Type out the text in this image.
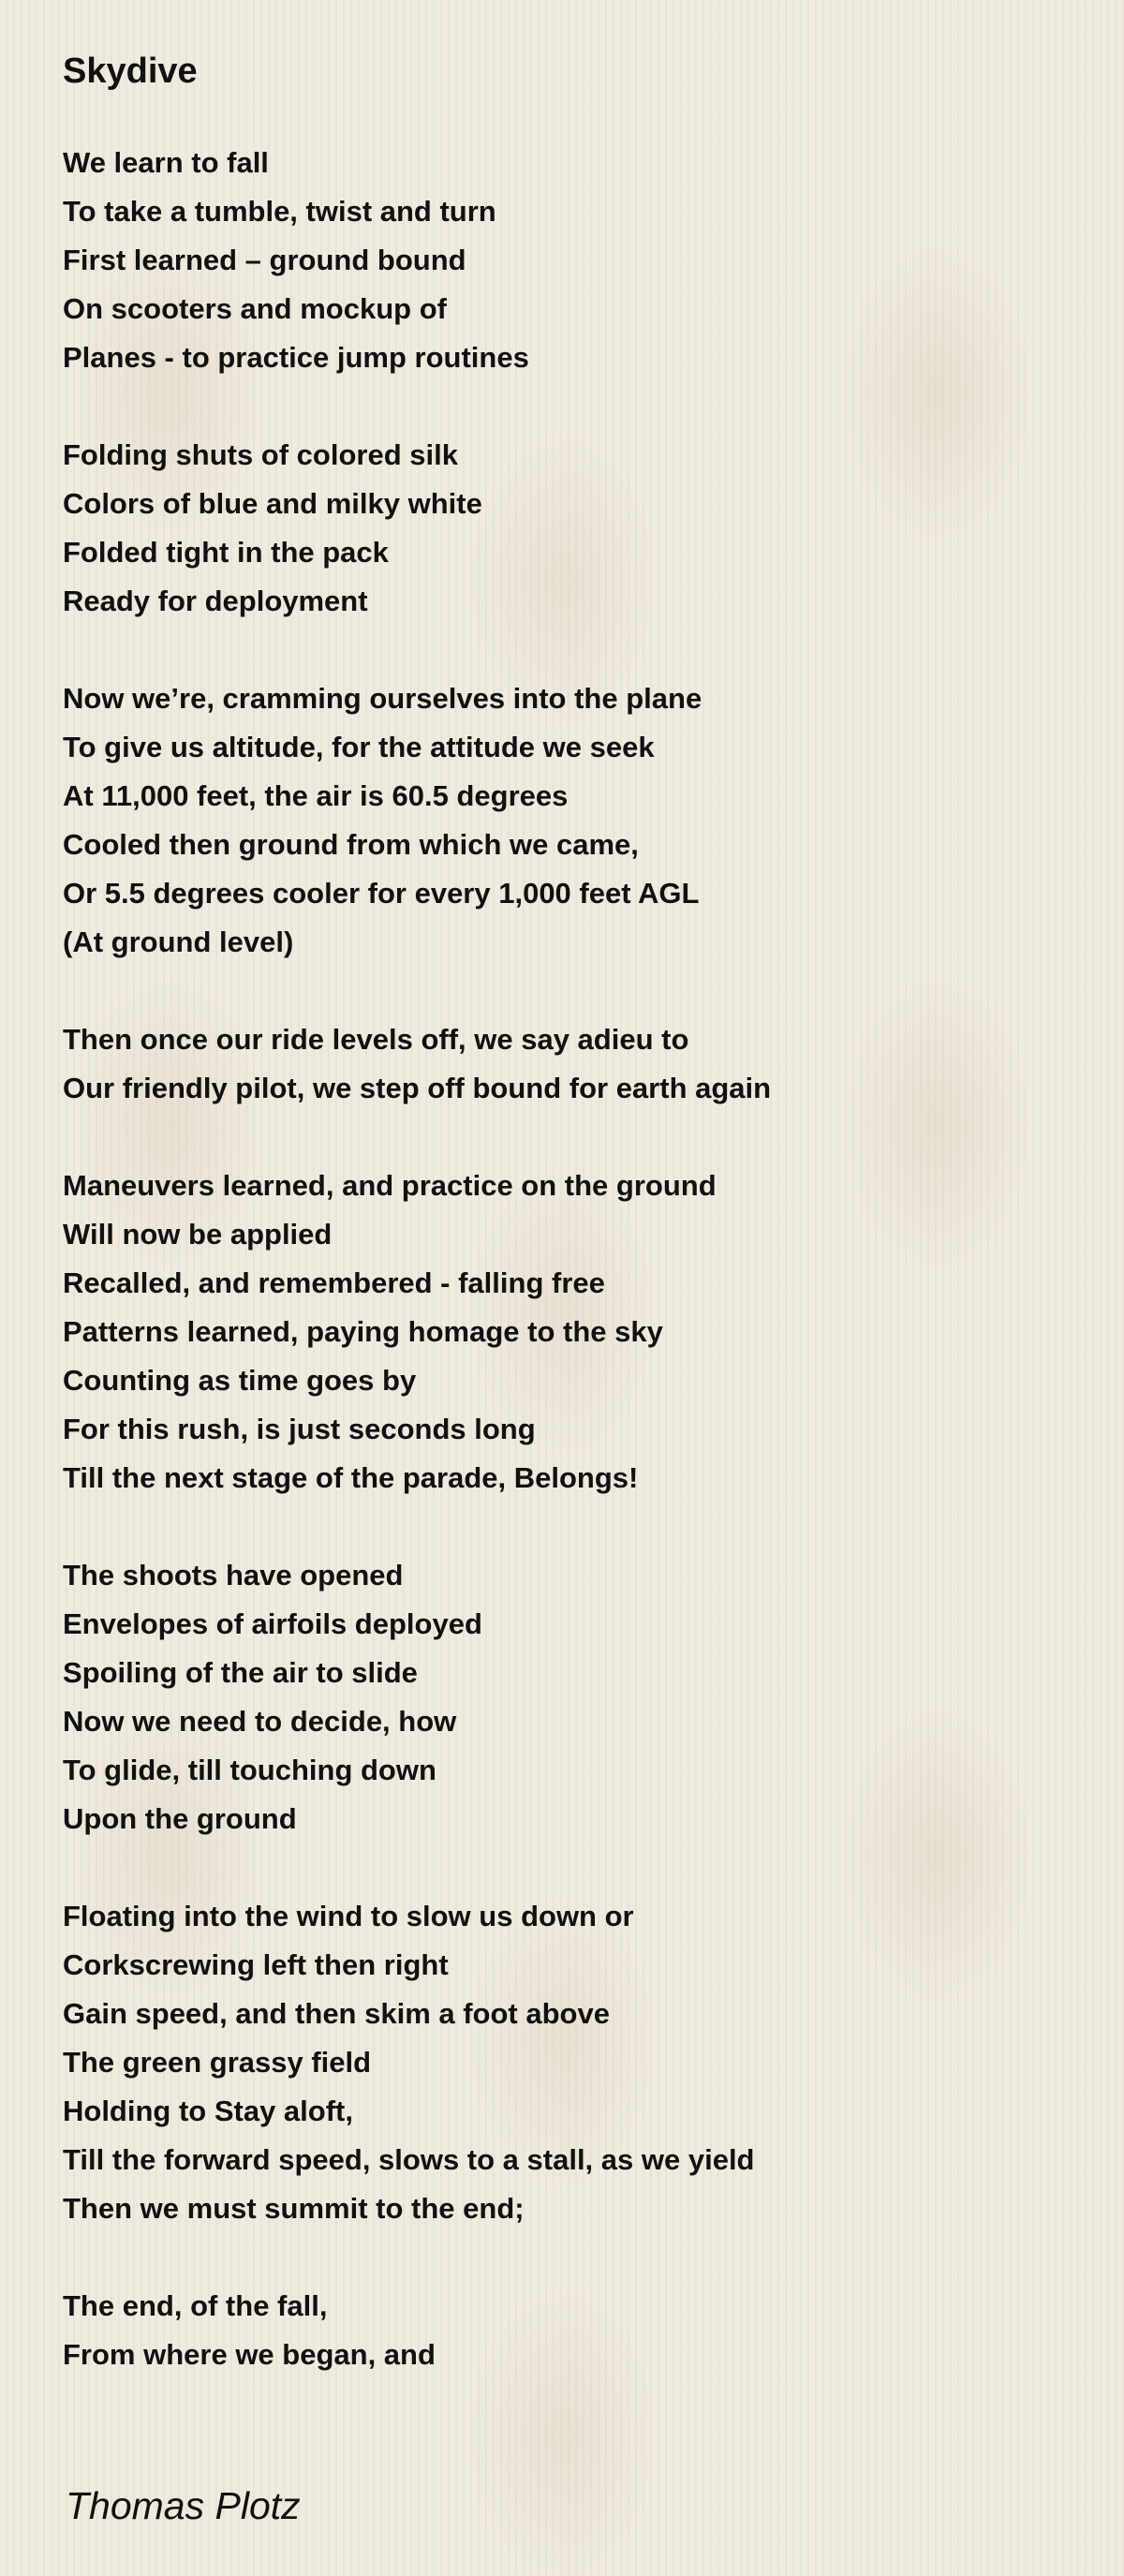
Skydive
We learn to fall
To take a tumble, twist and turn
First learned – ground bound
On scooters and mockup of
Planes - to practice jump routines
Folding shuts of colored silk
Colors of blue and milky white
Folded tight in the pack
Ready for deployment
Now we’re, cramming ourselves into the plane
To give us altitude, for the attitude we seek
At 11,000 feet, the air is 60.5 degrees
Cooled then ground from which we came,
Or 5.5 degrees cooler for every 1,000 feet AGL
(At ground level)
Then once our ride levels off, we say adieu to
Our friendly pilot, we step off bound for earth again
Maneuvers learned, and practice on the ground
Will now be applied
Recalled, and remembered - falling free
Patterns learned, paying homage to the sky
Counting as time goes by
For this rush, is just seconds long
Till the next stage of the parade, Belongs!
The shoots have opened
Envelopes of airfoils deployed
Spoiling of the air to slide
Now we need to decide, how
To glide, till touching down
Upon the ground
Floating into the wind to slow us down or
Corkscrewing left then right
Gain speed, and then skim a foot above
The green grassy field
Holding to Stay aloft,
Till the forward speed, slows to a stall, as we yield
Then we must summit to the end;
The end, of the fall,
From where we began, and

Thomas Plotz
